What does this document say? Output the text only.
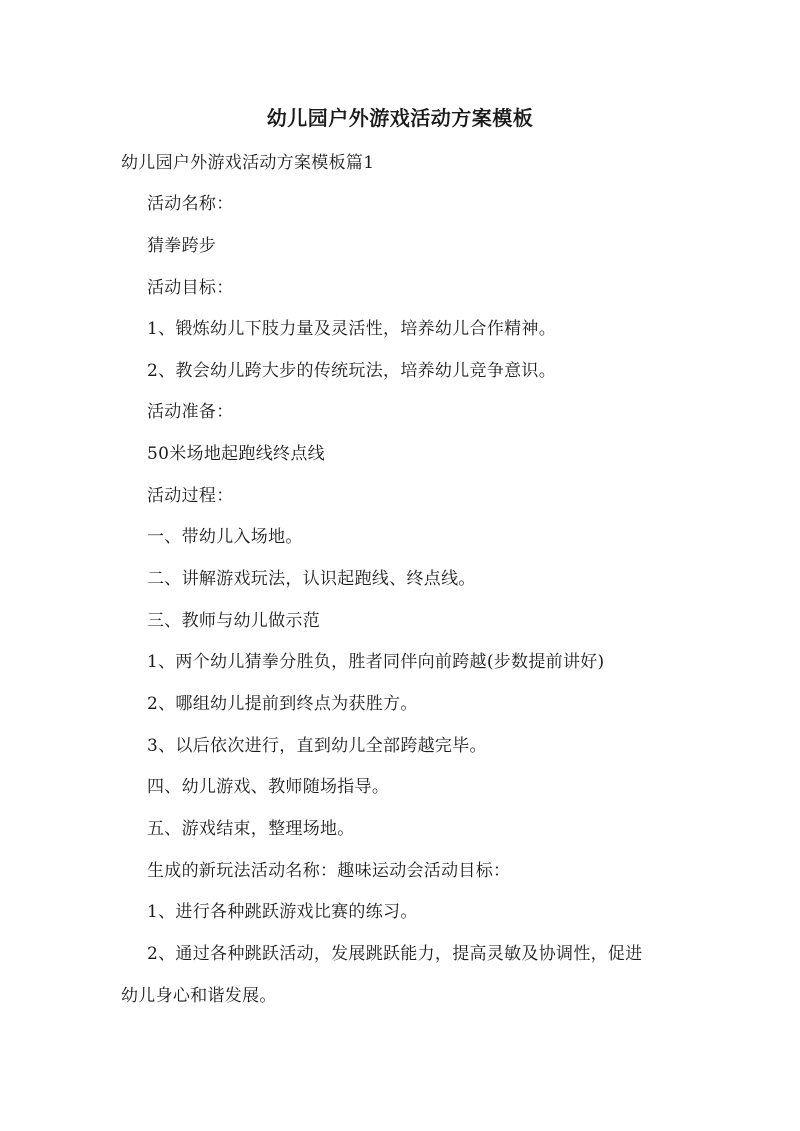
幼儿园户外游戏活动方案模板
幼儿园户外游戏活动方案模板篇1
活动名称：
猜拳跨步
活动目标：
1、锻炼幼儿下肢力量及灵活性，培养幼儿合作精神。
2、教会幼儿跨大步的传统玩法，培养幼儿竞争意识。
活动准备：
50米场地起跑线终点线
活动过程：
一、带幼儿入场地。
二、讲解游戏玩法，认识起跑线、终点线。
三、教师与幼儿做示范
1、两个幼儿猜拳分胜负，胜者同伴向前跨越(步数提前讲好)
2、哪组幼儿提前到终点为获胜方。
3、以后依次进行，直到幼儿全部跨越完毕。
四、幼儿游戏、教师随场指导。
五、游戏结束，整理场地。
生成的新玩法活动名称：趣味运动会活动目标：
1、进行各种跳跃游戏比赛的练习。
2、通过各种跳跃活动，发展跳跃能力，提高灵敏及协调性，促进
幼儿身心和谐发展。
